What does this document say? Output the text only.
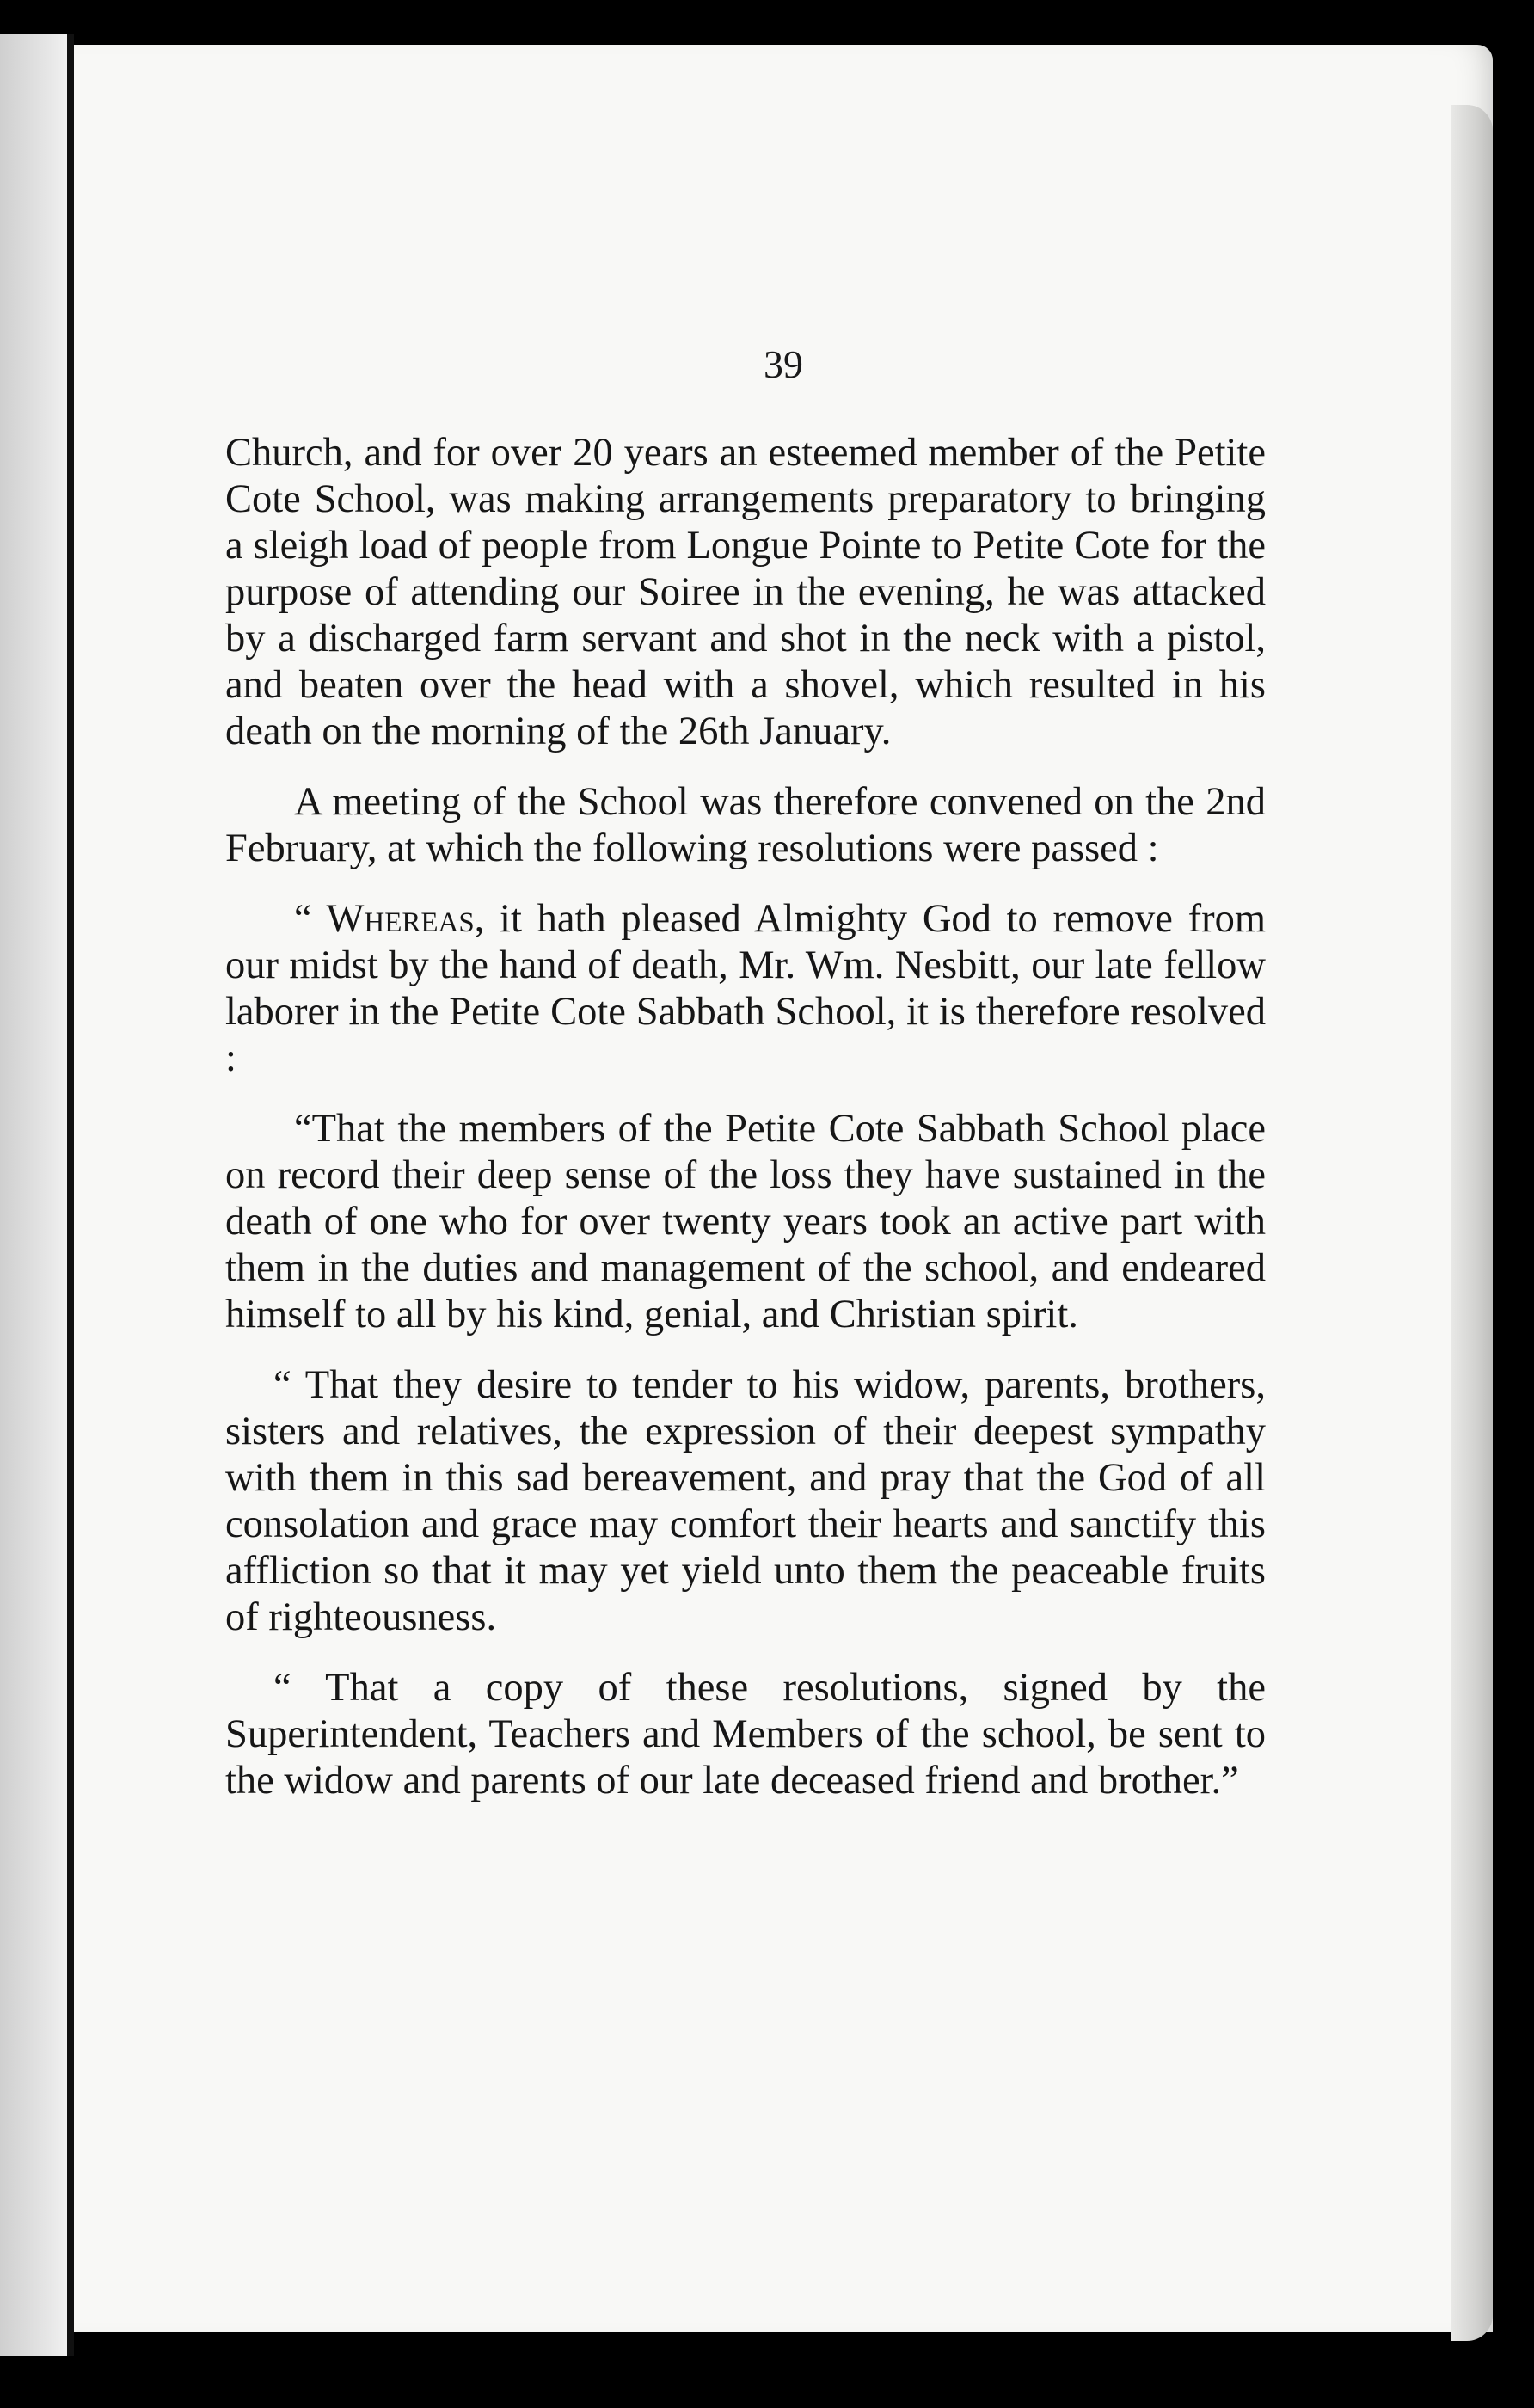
39

Church, and for over 20 years an esteemed member of the Petite Cote School, was making arrangements preparatory to bringing a sleigh load of people from Longue Pointe to Petite Cote for the purpose of attending our Soiree in the evening, he was attacked by a discharged farm servant and shot in the neck with a pistol, and beaten over the head with a shovel, which resulted in his death on the morning of the 26th January.

A meeting of the School was therefore convened on the 2nd February, at which the following resolutions were passed :

“ Whereas, it hath pleased Almighty God to remove from our midst by the hand of death, Mr. Wm. Nesbitt, our late fellow laborer in the Petite Cote Sabbath School, it is therefore resolved :

“That the members of the Petite Cote Sabbath School place on record their deep sense of the loss they have sustained in the death of one who for over twenty years took an active part with them in the duties and management of the school, and endeared himself to all by his kind, genial, and Christian spirit.

“ That they desire to tender to his widow, parents, brothers, sisters and relatives, the expression of their deepest sympathy with them in this sad bereavement, and pray that the God of all consolation and grace may comfort their hearts and sanctify this affliction so that it may yet yield unto them the peaceable fruits of righteousness.

“ That a copy of these resolutions, signed by the Superintendent, Teachers and Members of the school, be sent to the widow and parents of our late deceased friend and brother.”
